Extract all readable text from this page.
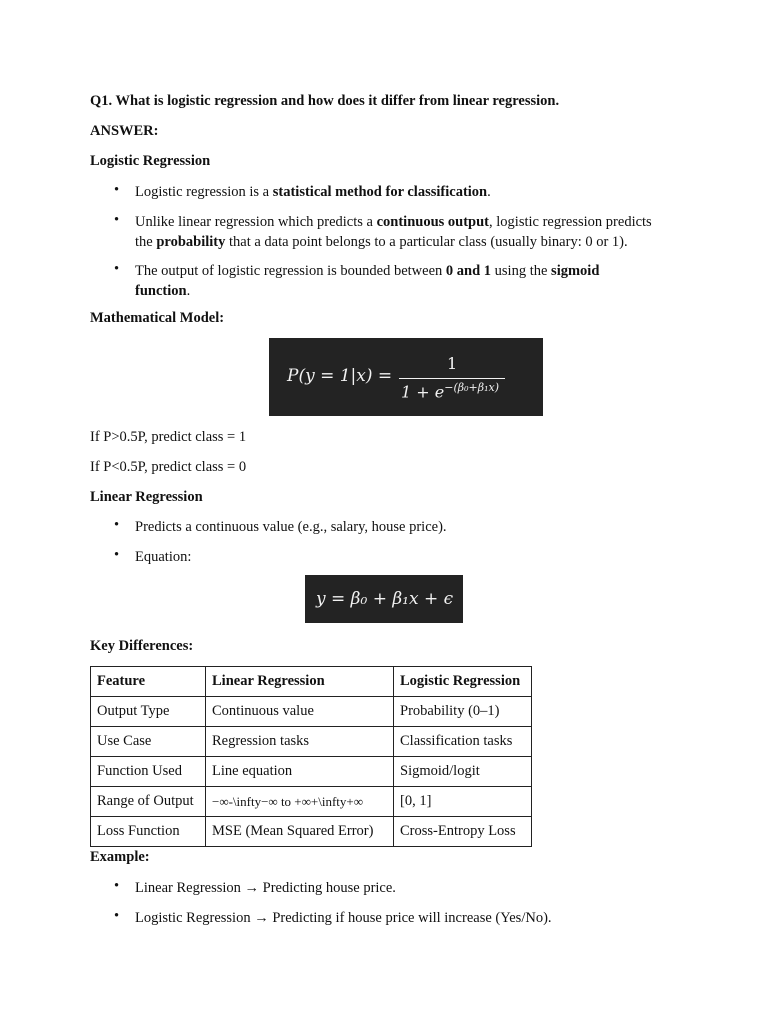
Q1. What is logistic regression and how does it differ from linear regression.
ANSWER:
Logistic Regression
• Logistic regression is a statistical method for classification.
• Unlike linear regression which predicts a continuous output, logistic regression predicts
the probability that a data point belongs to a particular class (usually binary: 0 or 1).
• The output of logistic regression is bounded between 0 and 1 using the sigmoid
function.
Mathematical Model:
P(y = 1|x) =
1
$1 + e^{-(\beta_0+\beta_1x)}$
If P>0.5P, predict class = 1
If P<0.5P, predict class = 0
Linear Regression
• Predicts a continuous value (e.g., salary, house price).
• Equation:
y = β₀ + β₁x + ϵ
Key Differences:
Feature	Linear Regression	Logistic Regression
Output Type	Continuous value	Probability (0–1)
Use Case	Regression tasks	Classification tasks
Function Used	Line equation	Sigmoid/logit
Range of Output	−∞-\infty−∞ to +∞+\infty+∞	[0, 1]
Loss Function	MSE (Mean Squared Error)	Cross-Entropy Loss
Example:
• Linear Regression → Predicting house price.
• Logistic Regression → Predicting if house price will increase (Yes/No).
